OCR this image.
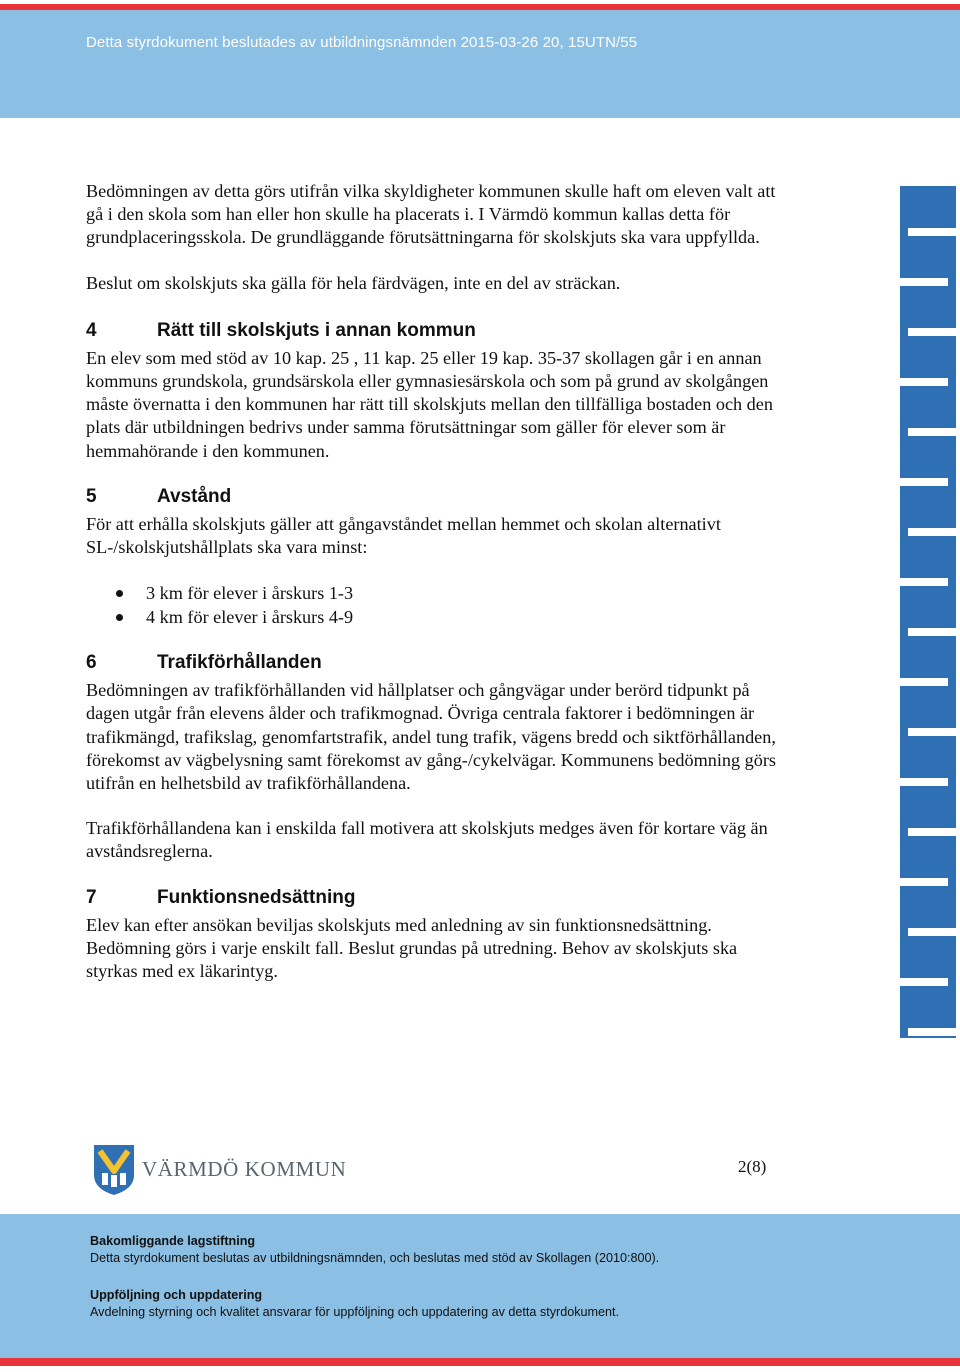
Detta styrdokument beslutades av utbildningsnämnden 2015-03-26 20, 15UTN/55

Bedömningen av detta görs utifrån vilka skyldigheter kommunen skulle haft om eleven valt att gå i den skola som han eller hon skulle ha placerats i. I Värmdö kommun kallas detta för grundplaceringsskola. De grundläggande förutsättningarna för skolskjuts ska vara uppfyllda.

Beslut om skolskjuts ska gälla för hela färdvägen, inte en del av sträckan.

4	Rätt till skolskjuts i annan kommun

En elev som med stöd av 10 kap. 25 , 11 kap. 25 eller 19 kap. 35-37 skollagen går i en annan kommuns grundskola, grundsärskola eller gymnasiesärskola och som på grund av skolgången måste övernatta i den kommunen har rätt till skolskjuts mellan den tillfälliga bostaden och den plats där utbildningen bedrivs under samma förutsättningar som gäller för elever som är hemmahörande i den kommunen.

5	Avstånd

För att erhålla skolskjuts gäller att gångavståndet mellan hemmet och skolan alternativt SL-/skolskjutshållplats ska vara minst:

3 km för elever i årskurs 1-3
4 km för elever i årskurs 4-9
6	Trafikförhållanden

Bedömningen av trafikförhållanden vid hållplatser och gångvägar under berörd tidpunkt på dagen utgår från elevens ålder och trafikmognad. Övriga centrala faktorer i bedömningen är trafikmängd, trafikslag, genomfartstrafik, andel tung trafik, vägens bredd och siktförhållanden, förekomst av vägbelysning samt förekomst av gång-/cykelvägar. Kommunens bedömning görs utifrån en helhetsbild av trafikförhållandena.

Trafikförhållandena kan i enskilda fall motivera att skolskjuts medges även för kortare väg än avståndsreglerna.

7	Funktionsnedsättning

Elev kan efter ansökan beviljas skolskjuts med anledning av sin funktionsnedsättning. Bedömning görs i varje enskilt fall. Beslut grundas på utredning. Behov av skolskjuts ska styrkas med ex läkarintyg.

VÄRMDÖ KOMMUN	2(8)
Bakomliggande lagstiftning
Detta styrdokument beslutas av utbildningsnämnden, och beslutas med stöd av Skollagen (2010:800).
Uppföljning och uppdatering
Avdelning styrning och kvalitet ansvarar för uppföljning och uppdatering av detta styrdokument.
